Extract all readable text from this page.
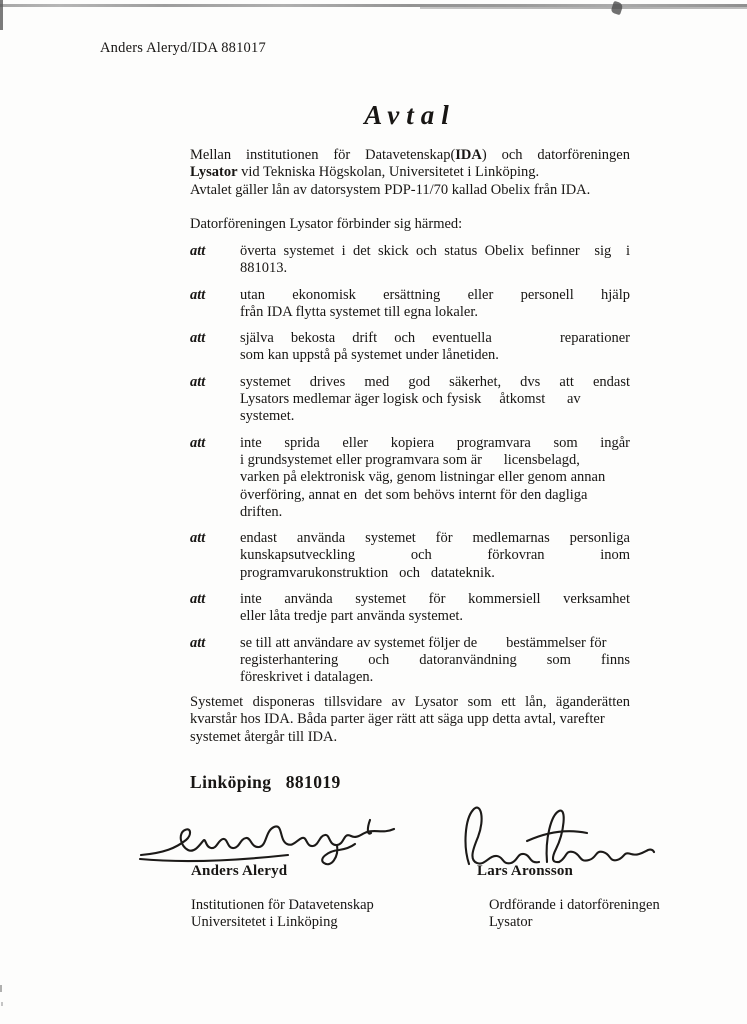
Anders Aleryd/IDA 881017
Avtal
Mellan institutionen för Datavetenskap(IDA) och datorföreningen
Lysator vid Tekniska Högskolan, Universitetet i Linköping.
Avtalet gäller lån av datorsystem PDP-11/70 kallad Obelix från IDA.
Datorföreningen Lysator förbinder sig härmed:
att	överta systemet i det skick och status Obelix befinner  sig  i
881013.
att	utan ekonomisk ersättning eller personell hjälp
från IDA flytta systemet till egna lokaler.
att	själva bekosta drift och eventuella    reparationer
som kan uppstå på systemet under lånetiden.
att	systemet drives med god säkerhet, dvs att endast
Lysators medlemar äger logisk och fysisk     åtkomst      av
systemet.
att	inte sprida eller kopiera programvara som ingår
i grundsystemet eller programvara som är      licensbelagd,
varken på elektronisk väg, genom listningar eller genom annan
överföring, annat en  det som behövs internt för den dagliga
driften.
att	endast använda systemet för medlemarnas personliga
kunskapsutveckling och förkovran inom
programvarukonstruktion   och   datateknik.
att	inte använda systemet för kommersiell verksamhet
eller låta tredje part använda systemet.
att	se till att användare av systemet följer de        bestämmelser för
registerhantering och datoranvändning som finns
föreskrivet i datalagen.
Systemet disponeras tillsvidare av Lysator som ett lån, äganderätten
kvarstår hos IDA. Båda parter äger rätt att säga upp detta avtal, varefter
systemet återgår till IDA.
Linköping   881019
Anders Aleryd	Lars Aronsson
Institutionen för Datavetenskap
Universitetet i Linköping
Ordförande i datorföreningen
Lysator
